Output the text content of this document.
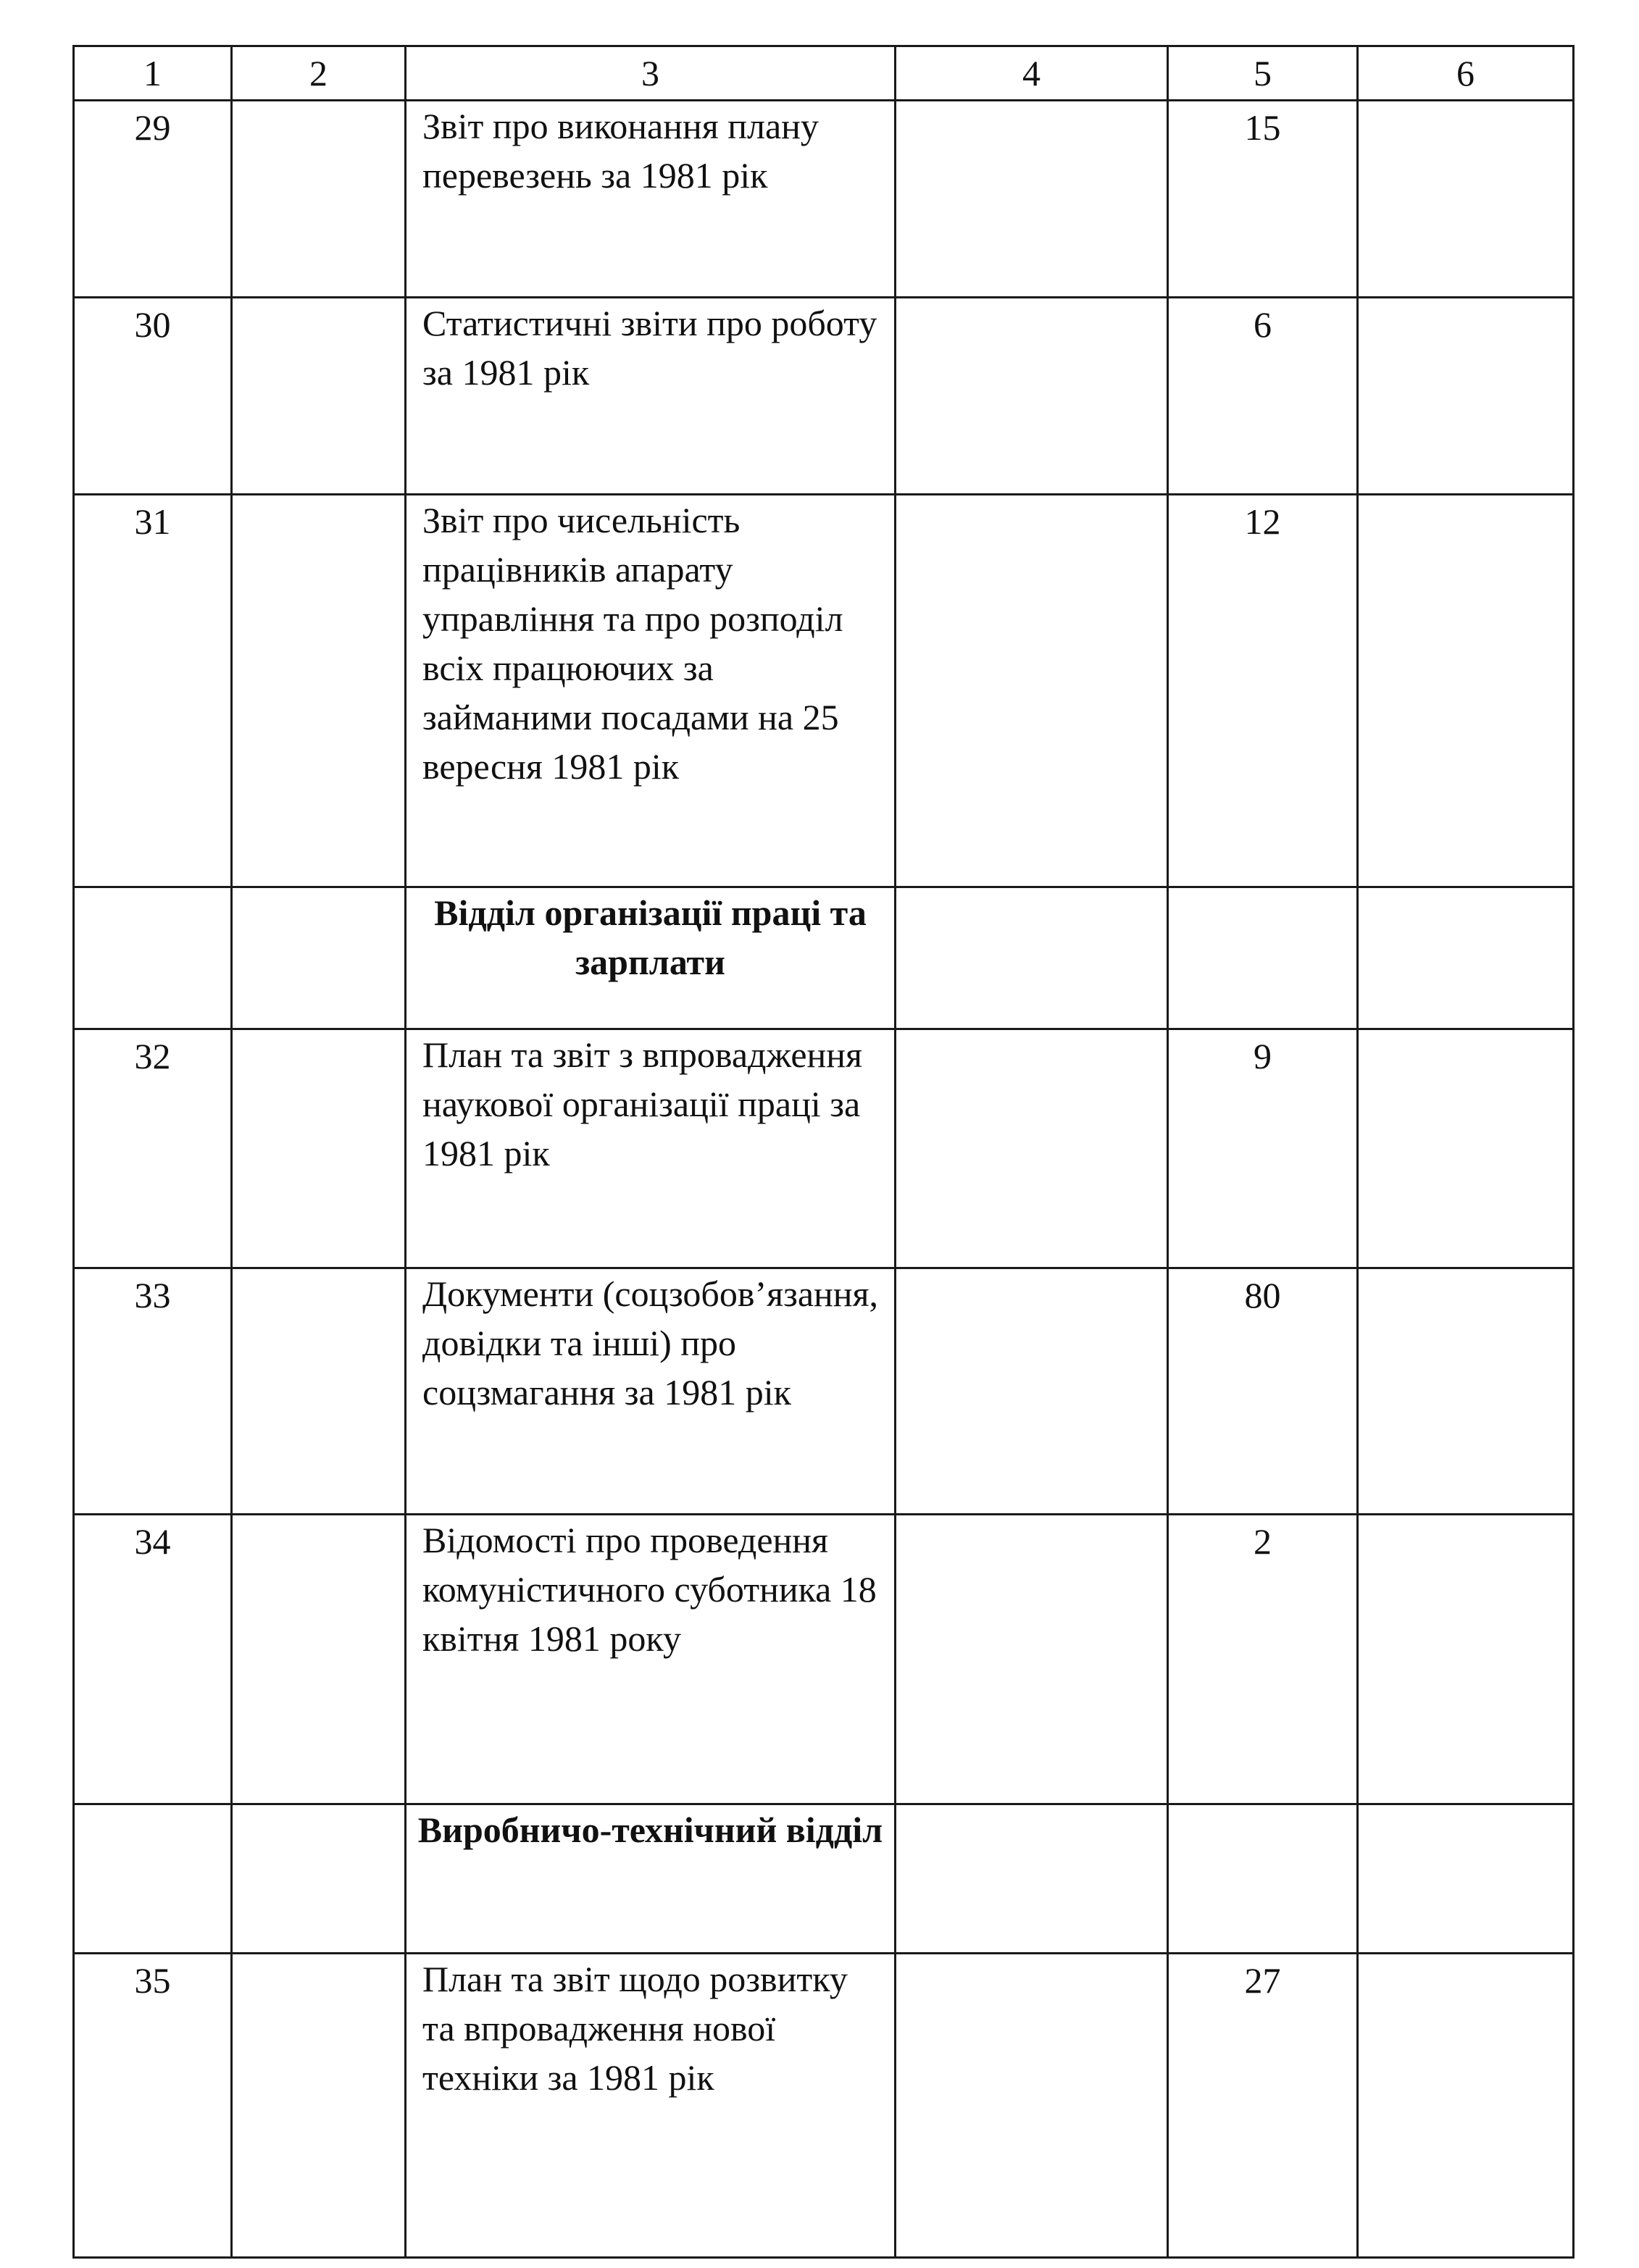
1	2	3	4	5	6
29		Звіт про виконання плану перевезень за 1981 рік		15	
30		Статистичні звіти про роботу за 1981 рік		6	
31		Звіт про чисельність працівників апарату управління та про розподіл всіх працюючих за займаними посадами на 25 вересня 1981 рік		12	
		Відділ організації праці та зарплати			
32		План та звіт з впровадження наукової організації праці за 1981 рік		9	
33		Документи (соцзобов’язання, довідки та інші) про соцзмагання за 1981 рік		80	
34		Відомості про проведення комуністичного суботника 18 квітня 1981 року		2	
		Виробничо-технічний відділ			
35		План та звіт щодо розвитку та впровадження нової техніки за 1981 рік		27	
